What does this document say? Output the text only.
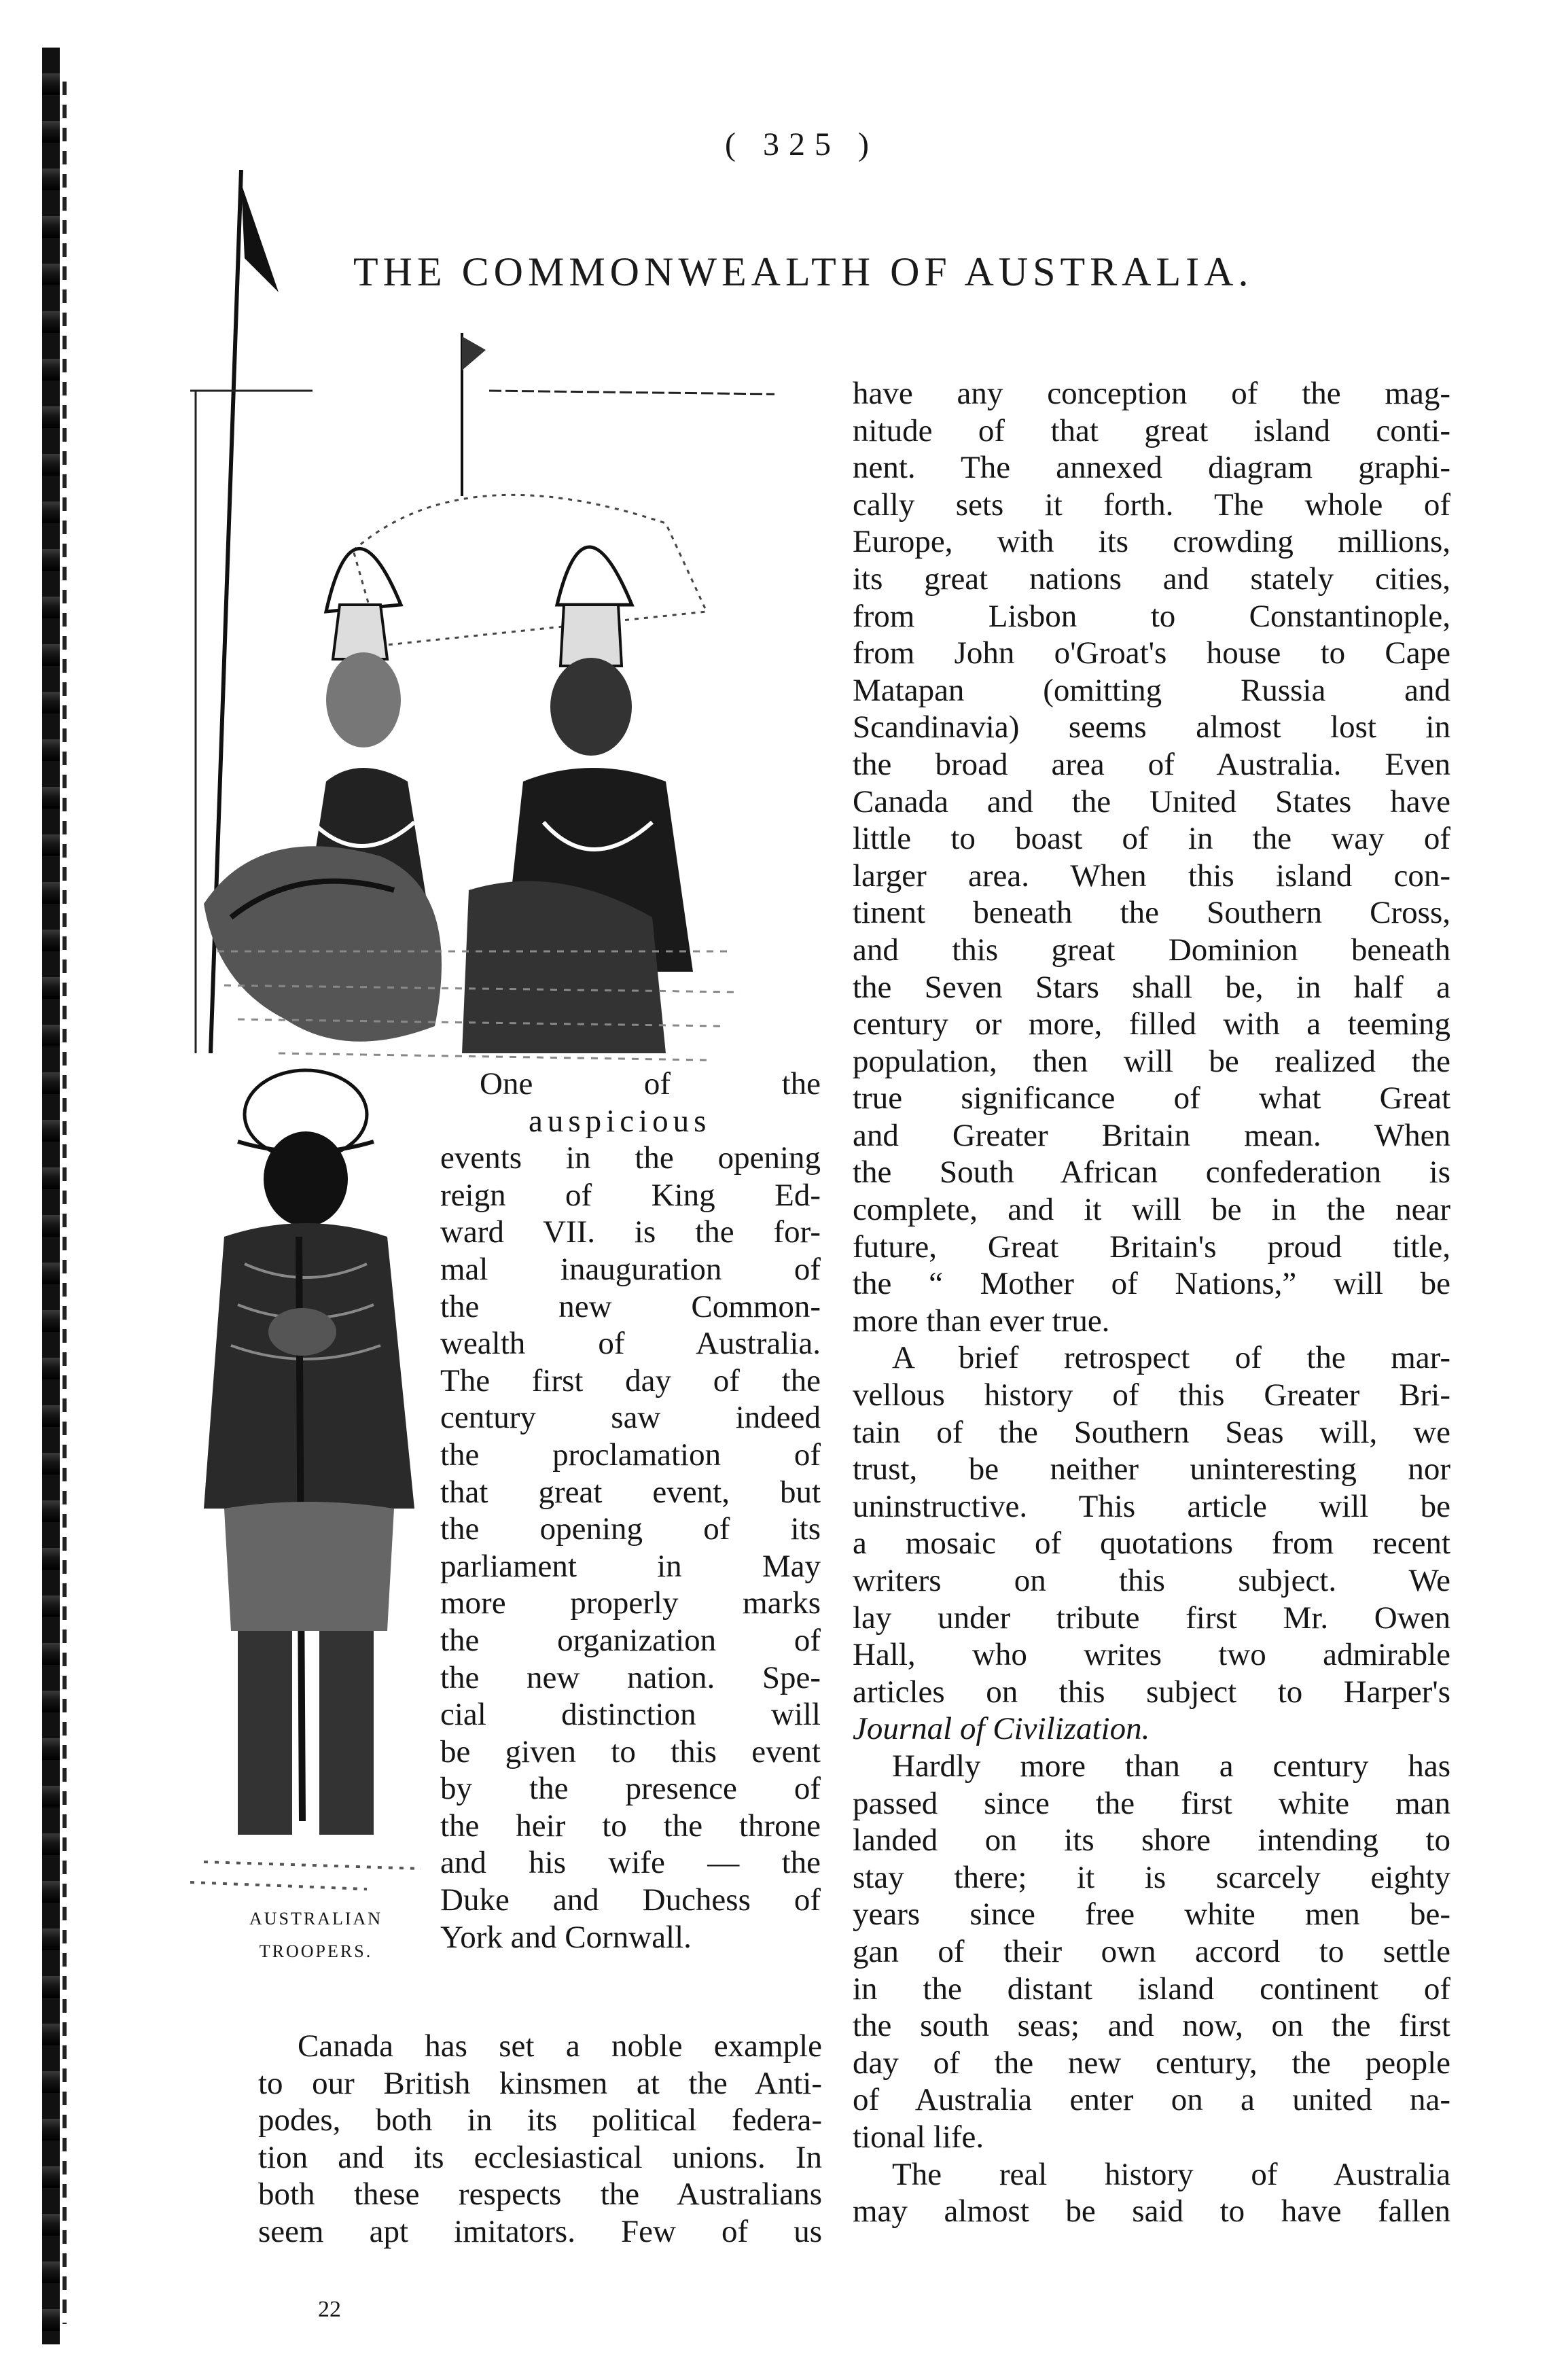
( 325 )
THE COMMONWEALTH OF AUSTRALIA.
AUSTRALIAN
TROOPERS.

One of the

auspicious

events in the opening

reign of King Ed-

ward VII. is the for-

mal inauguration of

the new Common-

wealth of Australia.

The first day of the

century saw indeed

the proclamation of

that great event, but

the opening of its

parliament in May

more properly marks

the organization of

the new nation. Spe-

cial distinction will

be given to this event

by the presence of

the heir to the throne

and his wife — the

Duke and Duchess of

York and Cornwall.

Canada has set a noble example

to our British kinsmen at the Anti-

podes, both in its political federa-

tion and its ecclesiastical unions. In

both these respects the Australians

seem apt imitators. Few of us

have any conception of the mag-

nitude of that great island conti-

nent. The annexed diagram graphi-

cally sets it forth. The whole of

Europe, with its crowding millions,

its great nations and stately cities,

from Lisbon to Constantinople,

from John o'Groat's house to Cape

Matapan (omitting Russia and

Scandinavia) seems almost lost in

the broad area of Australia. Even

Canada and the United States have

little to boast of in the way of

larger area. When this island con-

tinent beneath the Southern Cross,

and this great Dominion beneath

the Seven Stars shall be, in half a

century or more, filled with a teeming

population, then will be realized the

true significance of what Great

and Greater Britain mean. When

the South African confederation is

complete, and it will be in the near

future, Great Britain's proud title,

the “ Mother of Nations,” will be

more than ever true.

A brief retrospect of the mar-

vellous history of this Greater Bri-

tain of the Southern Seas will, we

trust, be neither uninteresting nor

uninstructive. This article will be

a mosaic of quotations from recent

writers on this subject. We

lay under tribute first Mr. Owen

Hall, who writes two admirable

articles on this subject to Harper's

Journal of Civilization.

Hardly more than a century has

passed since the first white man

landed on its shore intending to

stay there; it is scarcely eighty

years since free white men be-

gan of their own accord to settle

in the distant island continent of

the south seas; and now, on the first

day of the new century, the people

of Australia enter on a united na-

tional life.

The real history of Australia

may almost be said to have fallen

22
